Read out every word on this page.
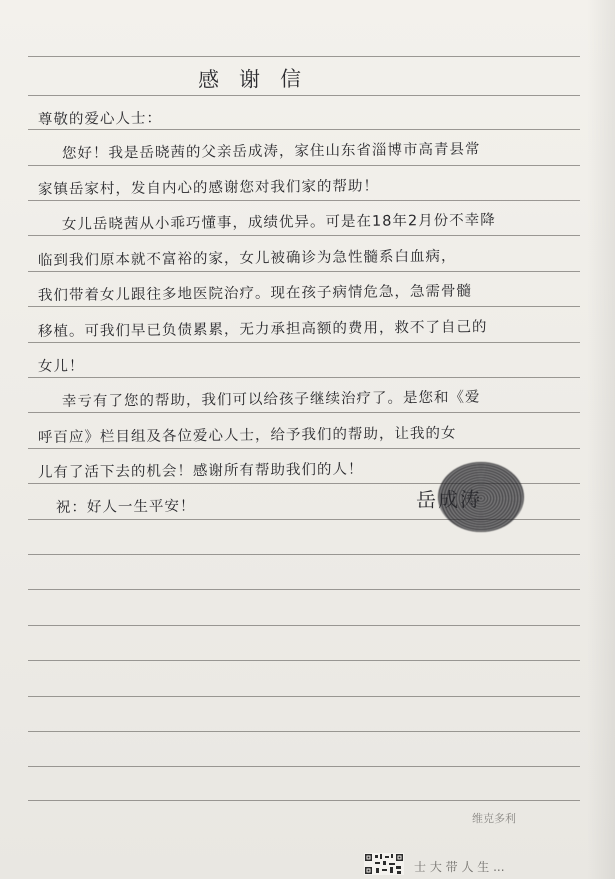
感谢信
尊敬的爱心人士：
您好！我是岳晓茜的父亲岳成涛，家住山东省淄博市高青县常
家镇岳家村，发自内心的感谢您对我们家的帮助！
女儿岳晓茜从小乖巧懂事，成绩优异。可是在18年2月份不幸降
临到我们原本就不富裕的家，女儿被确诊为急性髓系白血病，
我们带着女儿跟往多地医院治疗。现在孩子病情危急，急需骨髓
移植。可我们早已负债累累，无力承担高额的费用，救不了自己的
女儿！
幸亏有了您的帮助，我们可以给孩子继续治疗了。是您和《爱
呼百应》栏目组及各位爱心人士，给予我们的帮助，让我的女
儿有了活下去的机会！感谢所有帮助我们的人！
祝：好人一生平安！	岳成涛
维克多利
士 大 带 人 生 ...
